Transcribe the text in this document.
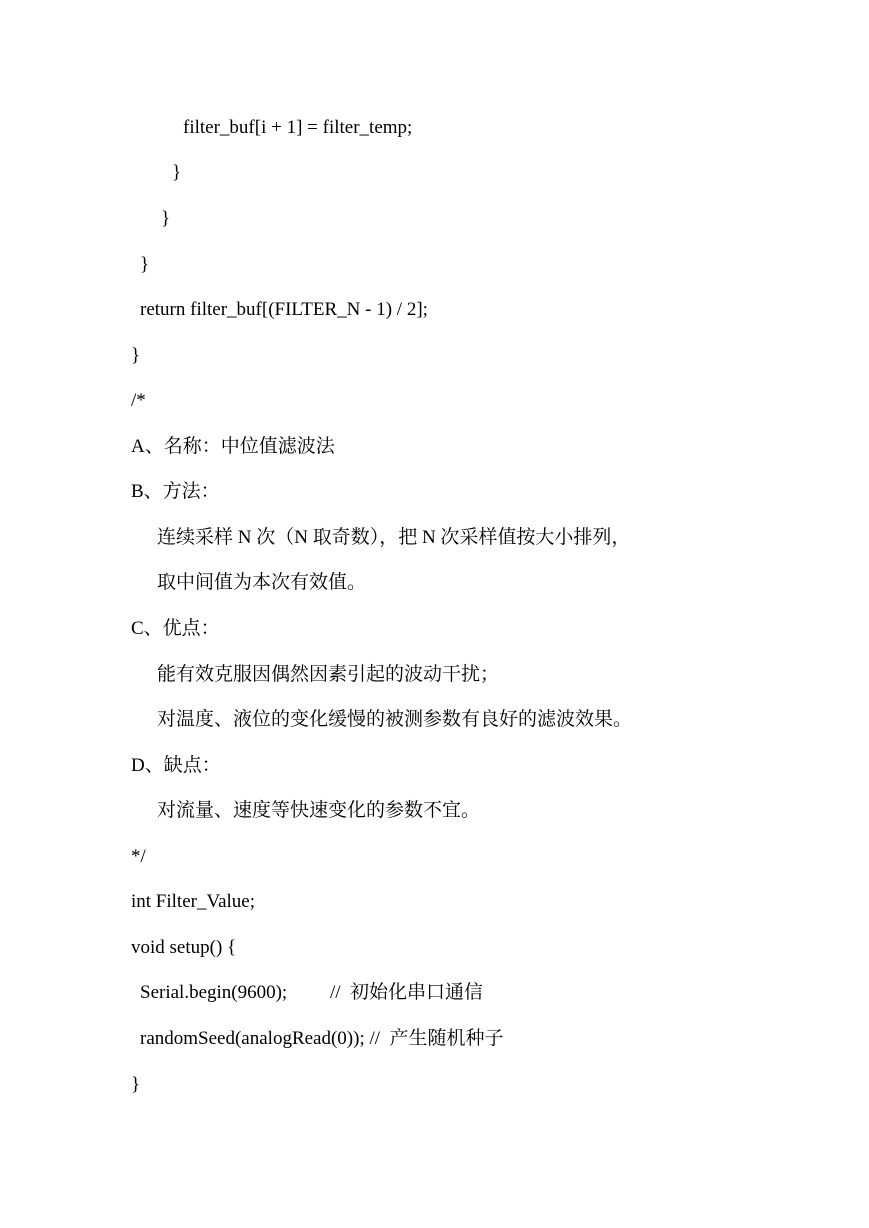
filter_buf[i + 1] = filter_temp;

}

}

}

return filter_buf[(FILTER_N - 1) / 2];

}

/*

A、名称：中位值滤波法

B、方法：

连续采样 N 次（N 取奇数），把 N 次采样值按大小排列，

取中间值为本次有效值。

C、优点：

能有效克服因偶然因素引起的波动干扰；

对温度、液位的变化缓慢的被测参数有良好的滤波效果。

D、缺点：

对流量、速度等快速变化的参数不宜。

*/

int Filter_Value;

void setup() {

Serial.begin(9600);         //  初始化串口通信

randomSeed(analogRead(0)); //  产生随机种子

}
